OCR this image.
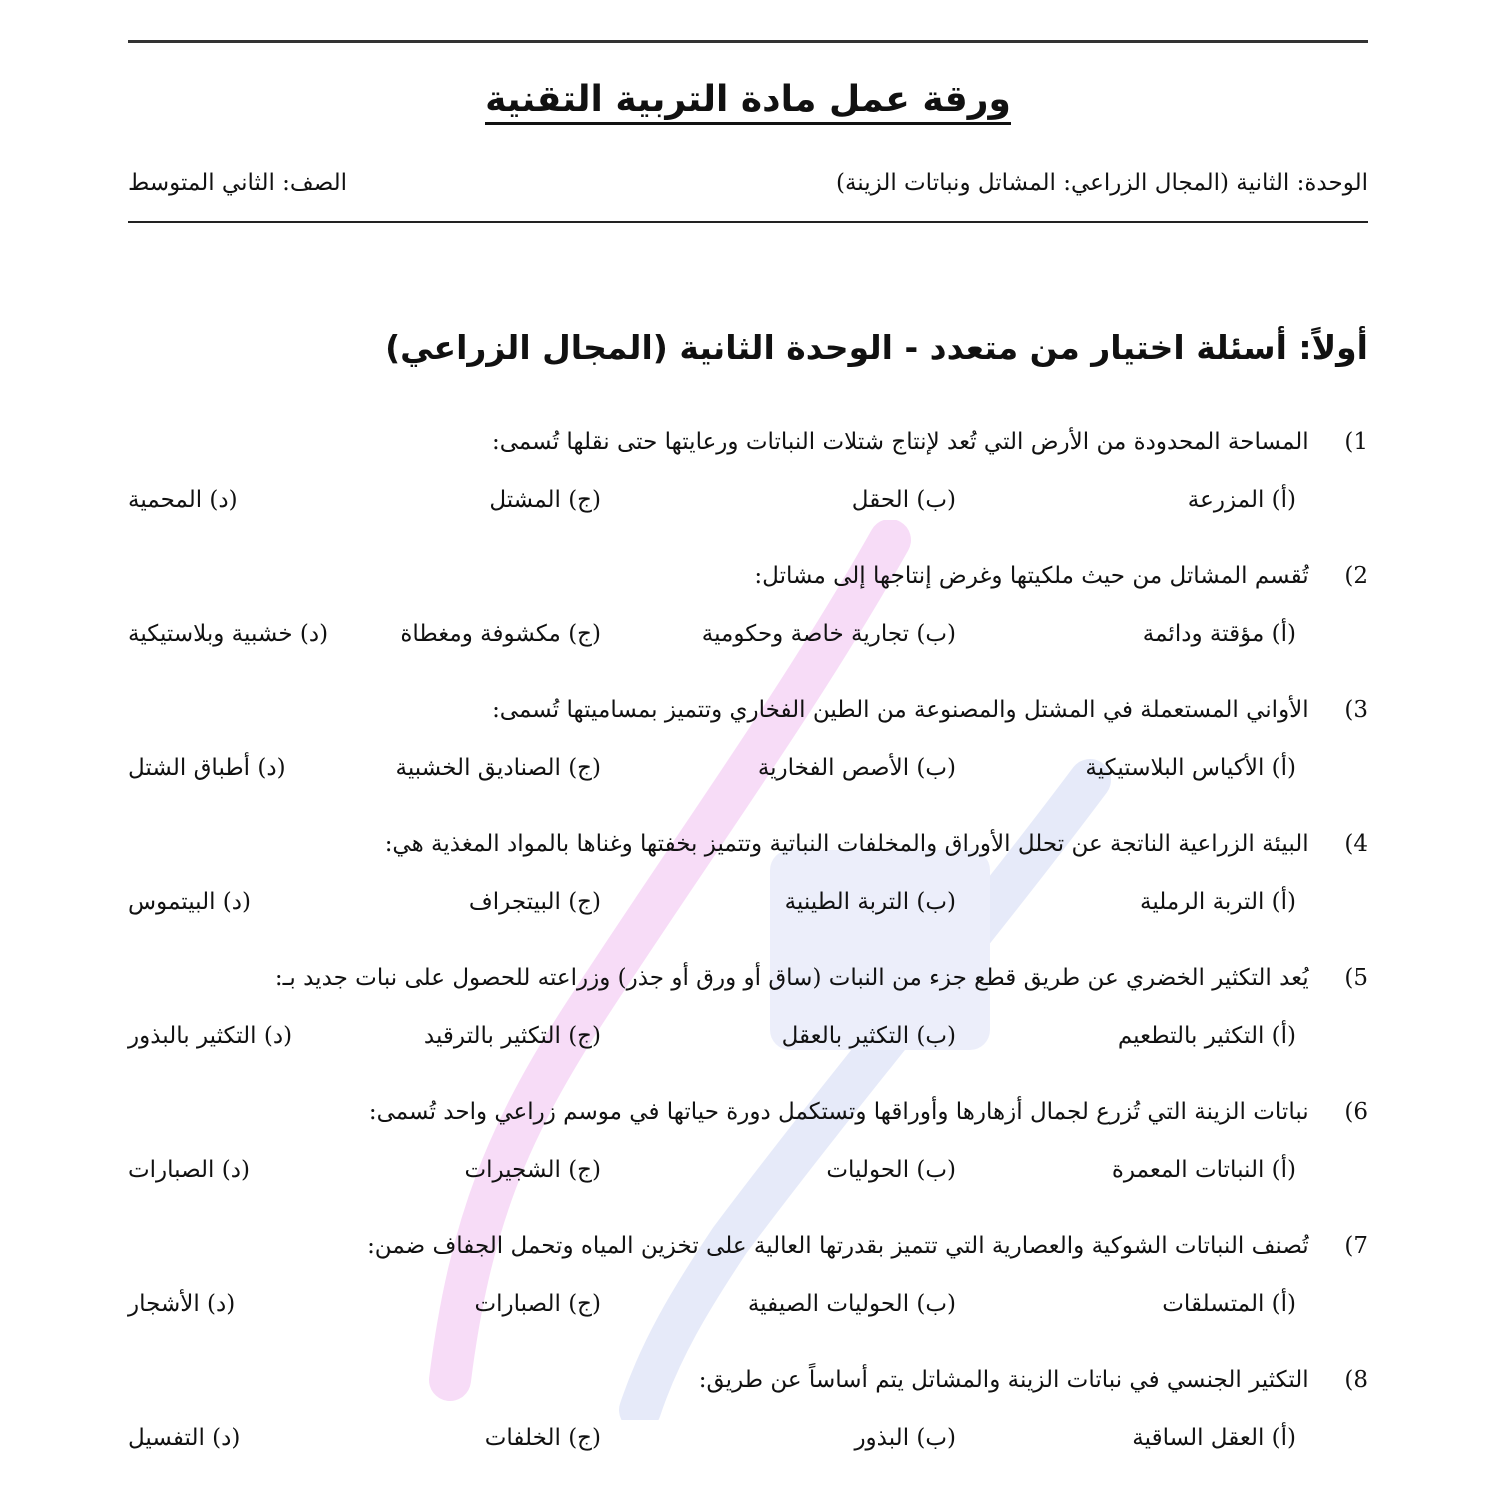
ورقة عمل مادة التربية التقنية
الوحدة: الثانية (المجال الزراعي: المشاتل ونباتات الزينة)
الصف: الثاني المتوسط
أولاً: أسئلة اختيار من متعدد - الوحدة الثانية (المجال الزراعي)
1) المساحة المحدودة من الأرض التي تُعد لإنتاج شتلات النباتات ورعايتها حتى نقلها تُسمى:
(أ) المزرعة
(ب) الحقل
(ج) المشتل
(د) المحمية
2) تُقسم المشاتل من حيث ملكيتها وغرض إنتاجها إلى مشاتل:
(أ) مؤقتة ودائمة
(ب) تجارية خاصة وحكومية
(ج) مكشوفة ومغطاة
(د) خشبية وبلاستيكية
3) الأواني المستعملة في المشتل والمصنوعة من الطين الفخاري وتتميز بمساميتها تُسمى:
(أ) الأكياس البلاستيكية
(ب) الأصص الفخارية
(ج) الصناديق الخشبية
(د) أطباق الشتل
4) البيئة الزراعية الناتجة عن تحلل الأوراق والمخلفات النباتية وتتميز بخفتها وغناها بالمواد المغذية هي:
(أ) التربة الرملية
(ب) التربة الطينية
(ج) البيتجراف
(د) البيتموس
5) يُعد التكثير الخضري عن طريق قطع جزء من النبات (ساق أو ورق أو جذر) وزراعته للحصول على نبات جديد بـ:
(أ) التكثير بالتطعيم
(ب) التكثير بالعقل
(ج) التكثير بالترقيد
(د) التكثير بالبذور
6) نباتات الزينة التي تُزرع لجمال أزهارها وأوراقها وتستكمل دورة حياتها في موسم زراعي واحد تُسمى:
(أ) النباتات المعمرة
(ب) الحوليات
(ج) الشجيرات
(د) الصبارات
7) تُصنف النباتات الشوكية والعصارية التي تتميز بقدرتها العالية على تخزين المياه وتحمل الجفاف ضمن:
(أ) المتسلقات
(ب) الحوليات الصيفية
(ج) الصبارات
(د) الأشجار
8) التكثير الجنسي في نباتات الزينة والمشاتل يتم أساساً عن طريق:
(أ) العقل الساقية
(ب) البذور
(ج) الخلفات
(د) التفسيل
